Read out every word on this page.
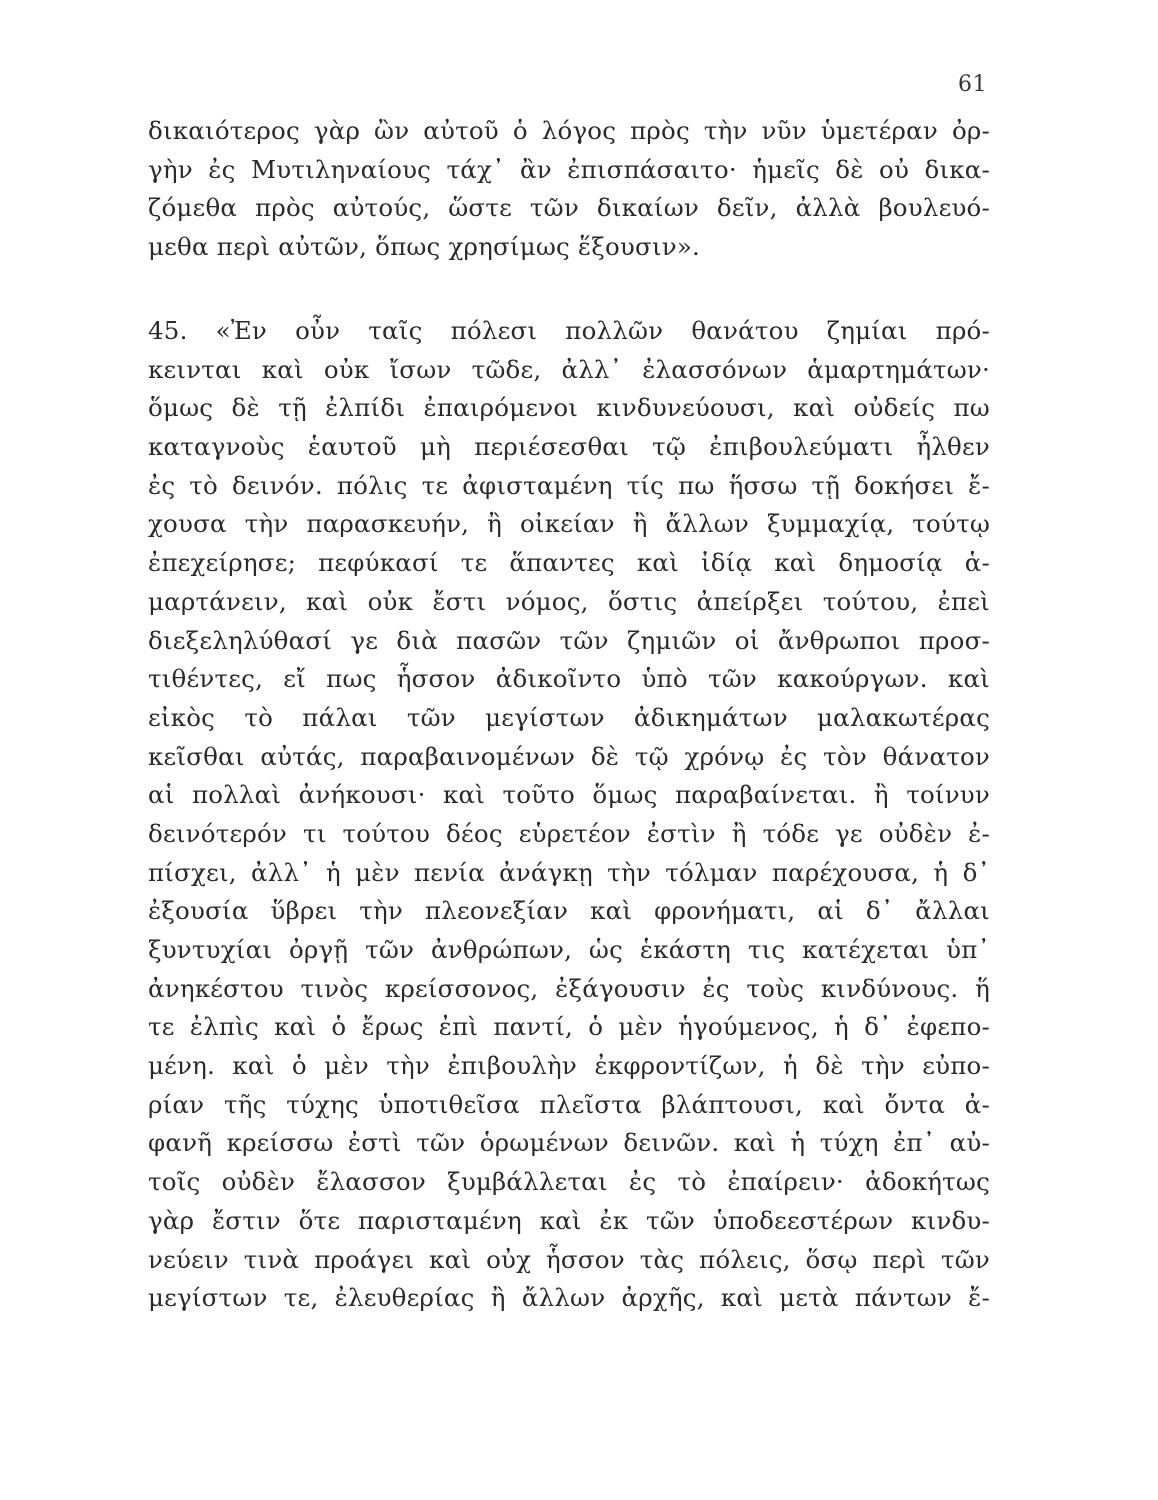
61
δικαιότερος γὰρ ὢν αὐτοῦ ὁ λόγος πρὸς τὴν νῦν ὑμετέραν ὀρ-
γὴν ἐς Μυτιληναίους τάχ᾽ ἂν ἐπισπάσαιτο· ἡμεῖς δὲ οὐ δικα-
ζόμεθα πρὸς αὐτούς, ὥστε τῶν δικαίων δεῖν, ἀλλὰ βουλευό-
μεθα περὶ αὐτῶν, ὅπως χρησίμως ἕξουσιν».
45. «Ἐν οὖν ταῖς πόλεσι πολλῶν θανάτου ζημίαι πρό-
κεινται καὶ οὐκ ἴσων τῶδε, ἀλλ᾽ ἐλασσόνων ἁμαρτημάτων·
ὅμως δὲ τῇ ἐλπίδι ἐπαιρόμενοι κινδυνεύουσι, καὶ οὐδείς πω
καταγνοὺς ἑαυτοῦ μὴ περιέσεσθαι τῷ ἐπιβουλεύματι ἦλθεν
ἐς τὸ δεινόν. πόλις τε ἀφισταμένη τίς πω ἥσσω τῇ δοκήσει ἔ-
χουσα τὴν παρασκευήν, ἢ οἰκείαν ἢ ἄλλων ξυμμαχίᾳ, τούτῳ
ἐπεχείρησε; πεφύκασί τε ἅπαντες καὶ ἰδίᾳ καὶ δημοσίᾳ ἁ-
μαρτάνειν, καὶ οὐκ ἔστι νόμος, ὅστις ἀπείρξει τούτου, ἐπεὶ
διεξεληλύθασί γε διὰ πασῶν τῶν ζημιῶν οἱ ἄνθρωποι προσ-
τιθέντες, εἴ πως ἧσσον ἀδικοῖντο ὑπὸ τῶν κακούργων. καὶ
εἰκὸς τὸ πάλαι τῶν μεγίστων ἀδικημάτων μαλακωτέρας
κεῖσθαι αὐτάς, παραβαινομένων δὲ τῷ χρόνῳ ἐς τὸν θάνατον
αἱ πολλαὶ ἀνήκουσι· καὶ τοῦτο ὅμως παραβαίνεται. ἢ τοίνυν
δεινότερόν τι τούτου δέος εὑρετέον ἐστὶν ἢ τόδε γε οὐδὲν ἐ-
πίσχει, ἀλλ᾽ ἡ μὲν πενία ἀνάγκῃ τὴν τόλμαν παρέχουσα, ἡ δ᾽
ἐξουσία ὕβρει τὴν πλεονεξίαν καὶ φρονήματι, αἱ δ᾽ ἄλλαι
ξυντυχίαι ὀργῇ τῶν ἀνθρώπων, ὡς ἑκάστη τις κατέχεται ὑπ᾽
ἀνηκέστου τινὸς κρείσσονος, ἐξάγουσιν ἐς τοὺς κινδύνους. ἥ
τε ἐλπὶς καὶ ὁ ἔρως ἐπὶ παντί, ὁ μὲν ἡγούμενος, ἡ δ᾽ ἐφεπο-
μένη. καὶ ὁ μὲν τὴν ἐπιβουλὴν ἐκφροντίζων, ἡ δὲ τὴν εὐπο-
ρίαν τῆς τύχης ὑποτιθεῖσα πλεῖστα βλάπτουσι, καὶ ὄντα ἀ-
φανῆ κρείσσω ἐστὶ τῶν ὁρωμένων δεινῶν. καὶ ἡ τύχη ἐπ᾽ αὐ-
τοῖς οὐδὲν ἔλασσον ξυμβάλλεται ἐς τὸ ἐπαίρειν· ἀδοκήτως
γὰρ ἔστιν ὅτε παρισταμένη καὶ ἐκ τῶν ὑποδεεστέρων κινδυ-
νεύειν τινὰ προάγει καὶ οὐχ ἧσσον τὰς πόλεις, ὅσῳ περὶ τῶν
μεγίστων τε, ἐλευθερίας ἢ ἄλλων ἀρχῆς, καὶ μετὰ πάντων ἔ-
